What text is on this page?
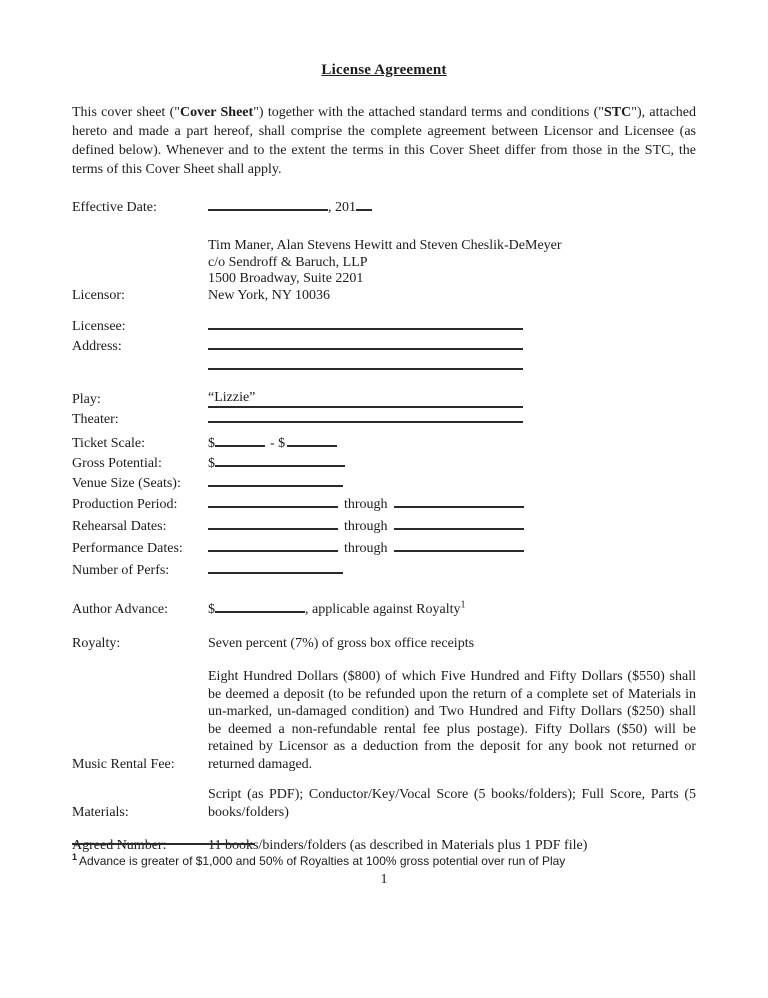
License Agreement

This cover sheet ("Cover Sheet") together with the attached standard terms and conditions ("STC"), attached hereto and made a part hereof, shall comprise the complete agreement between Licensor and Licensee (as defined below). Whenever and to the extent the terms in this Cover Sheet differ from those in the STC, the terms of this Cover Sheet shall apply.

Effective Date:	, 201
Licensor:
Tim Maner, Alan Stevens Hewitt and Steven Cheslik-DeMeyer
c/o Sendroff & Baruch, LLP
1500 Broadway, Suite 2201
New York, NY 10036
Licensee:
Address:
Play:	“Lizzie”
Theater:
Ticket Scale:	$	- $
Gross Potential:	$
Venue Size (Seats):
Production Period:	through
Rehearsal Dates:	through
Performance Dates:	through
Number of Perfs:
Author Advance:	$	, applicable against Royalty$^1$
Royalty:	Seven percent (7%) of gross box office receipts
Music Rental Fee:
Eight Hundred Dollars ($800) of which Five Hundred and Fifty Dollars ($550) shall be deemed a deposit (to be refunded upon the return of a complete set of Materials in un-marked, un-damaged condition) and Two Hundred and Fifty Dollars ($250) shall be deemed a non-refundable rental fee plus postage). Fifty Dollars ($50) will be retained by Licensor as a deduction from the deposit for any book not returned or returned damaged.
Materials:
Script (as PDF); Conductor/Key/Vocal Score (5 books/folders); Full Score, Parts (5 books/folders)
Agreed Number:	11 books/binders/folders (as described in Materials plus 1 PDF file)
$^1$ Advance is greater of $1,000 and 50% of Royalties at 100% gross potential over run of Play
1
